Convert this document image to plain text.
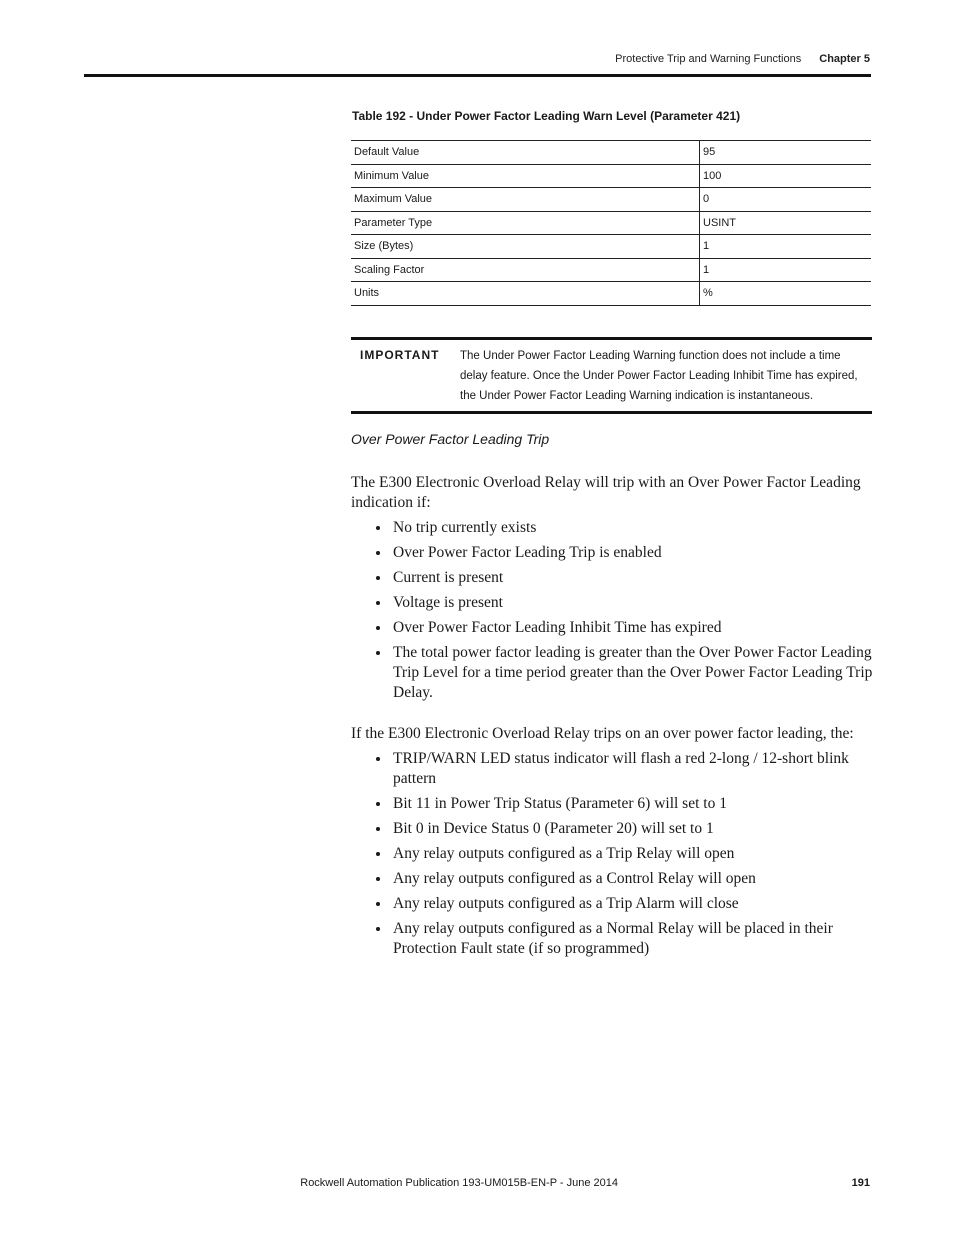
Protective Trip and Warning Functions Chapter 5
Table 192 - Under Power Factor Leading Warn Level (Parameter 421)
Default Value	95
Minimum Value	100
Maximum Value	0
Parameter Type	USINT
Size (Bytes)	1
Scaling Factor	1
Units	%
IMPORTANT The Under Power Factor Leading Warning function does not include a time delay feature. Once the Under Power Factor Leading Inhibit Time has expired, the Under Power Factor Leading Warning indication is instantaneous.
Over Power Factor Leading Trip
The E300 Electronic Overload Relay will trip with an Over Power Factor Leading indication if:
No trip currently exists
Over Power Factor Leading Trip is enabled
Current is present
Voltage is present
Over Power Factor Leading Inhibit Time has expired
The total power factor leading is greater than the Over Power Factor Leading Trip Level for a time period greater than the Over Power Factor Leading Trip Delay.
If the E300 Electronic Overload Relay trips on an over power factor leading, the:
TRIP/WARN LED status indicator will flash a red 2-long / 12-short blink pattern
Bit 11 in Power Trip Status (Parameter 6) will set to 1
Bit 0 in Device Status 0 (Parameter 20) will set to 1
Any relay outputs configured as a Trip Relay will open
Any relay outputs configured as a Control Relay will open
Any relay outputs configured as a Trip Alarm will close
Any relay outputs configured as a Normal Relay will be placed in their Protection Fault state (if so programmed)
Rockwell Automation Publication 193-UM015B-EN-P - June 2014	191
